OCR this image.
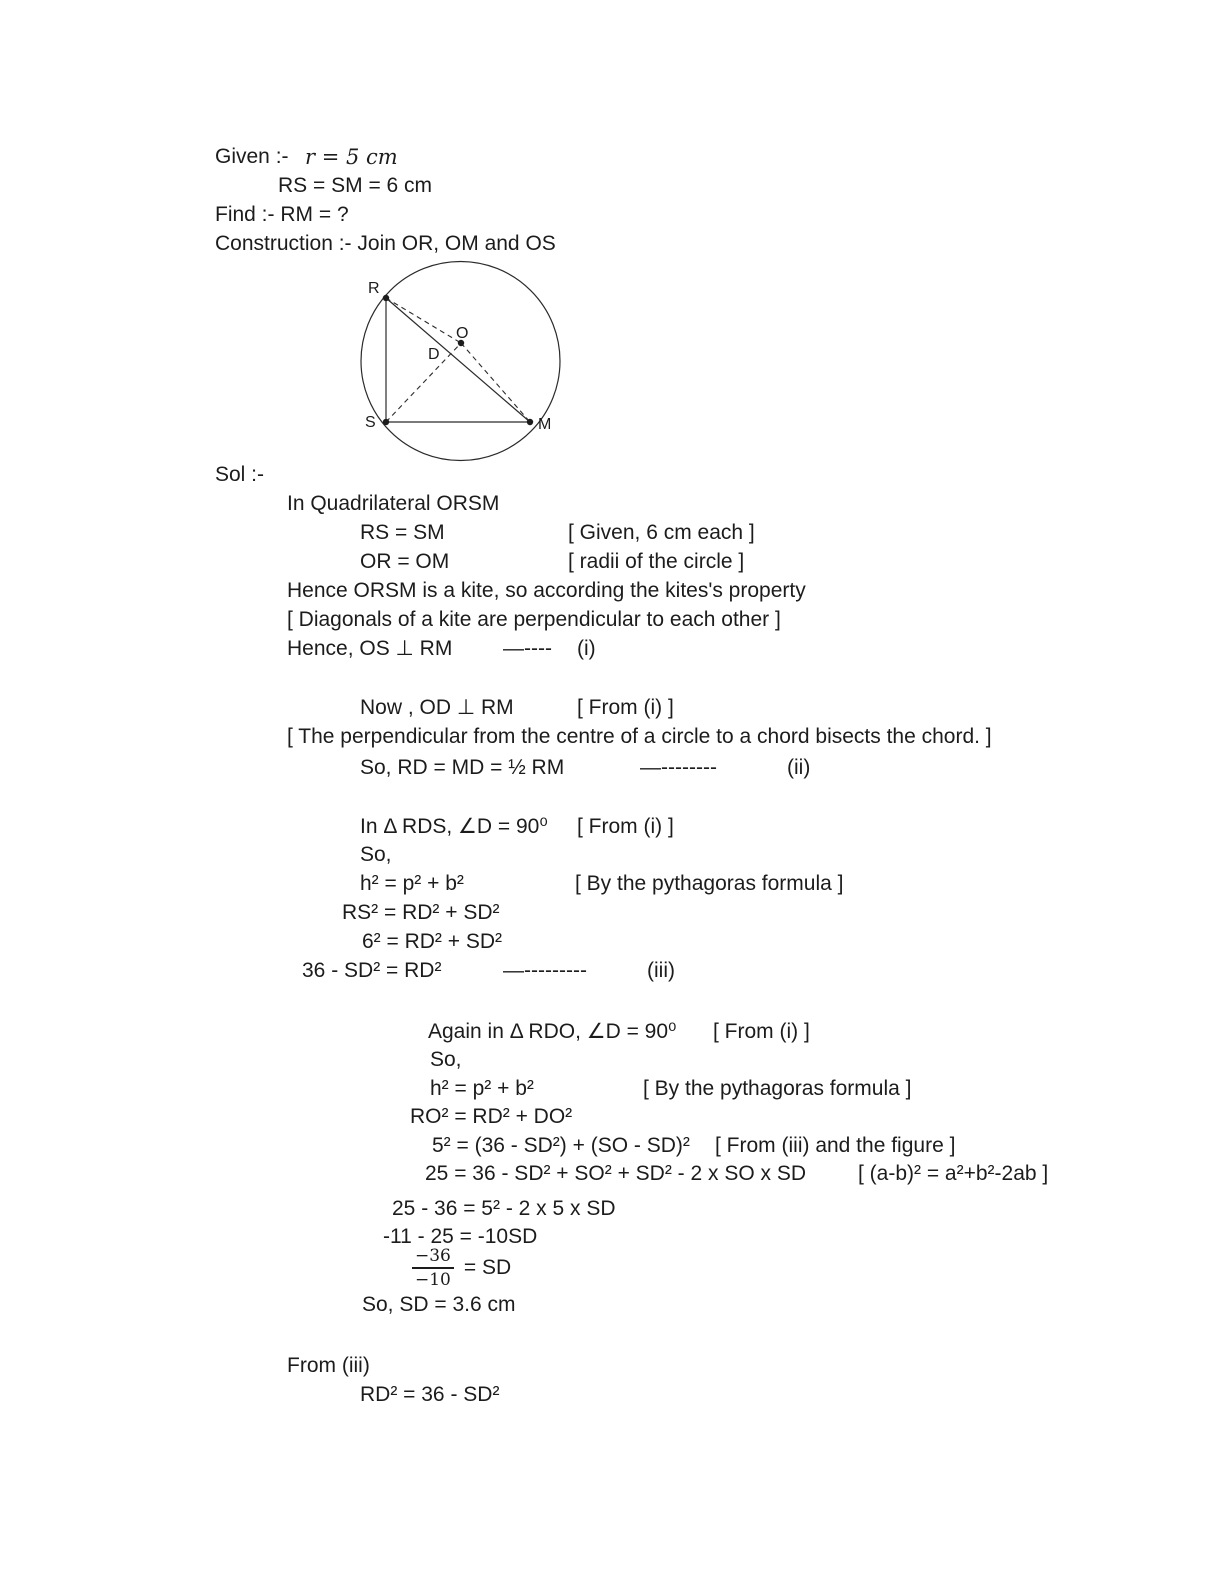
Given :- r = 5 cm
RS = SM = 6 cm
Find :- RM = ?
Construction :- Join OR, OM and OS
R
S	M
O
D
Sol :-
In Quadrilateral ORSM
RS = SM	[ Given, 6 cm each ]
OR = OM	[ radii of the circle ]
Hence ORSM is a kite, so according the kites's property
[ Diagonals of a kite are perpendicular to each other ]
Hence, OS ⊥ RM —---- (i)
Now , OD ⊥ RM	[ From (i) ]
[ The perpendicular from the centre of a circle to a chord bisects the chord. ]
So, RD = MD = ½ RM	—--------	(ii)
In Δ RDS, ∠D = 90⁰ [ From (i) ]
So,
h² = p² + b²	[ By the pythagoras formula ]
RS² = RD² + SD²
6² = RD² + SD²
36 - SD² = RD²	—---------	(iii)
Again in Δ RDO, ∠D = 90⁰ [ From (i) ]
So,
h² = p² + b²	[ By the pythagoras formula ]
RO² = RD² + DO²
5² = (36 - SD²) + (SO - SD)² [ From (iii) and the figure ]
25 = 36 - SD² + SO² + SD² - 2 x SO x SD [ (a-b)² = a²+b²-2ab ]
25 - 36 = 5² - 2 x 5 x SD
-11 - 25 = -10SD
$\frac{-36}{-10}$ = SD
So, SD = 3.6 cm
From (iii)
RD² = 36 - SD²
